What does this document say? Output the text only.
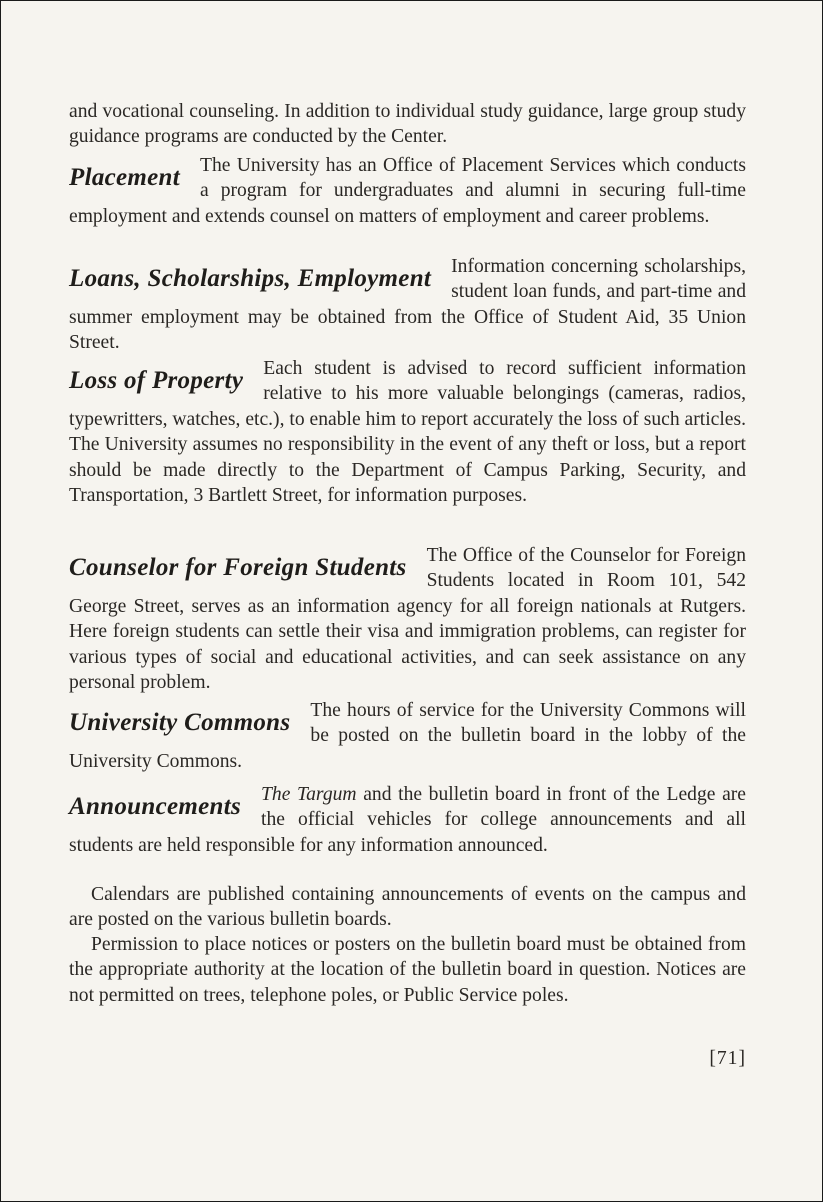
and vocational counseling. In addition to individual study guidance, large group study guidance programs are conducted by the Center.

Placement The University has an Office of Placement Services which conducts a program for undergraduates and alumni in securing full-time employment and extends counsel on matters of employment and career problems.
Loans, Scholarships, Employment Information concerning scholarships, student loan funds, and part-time and summer employment may be obtained from the Office of Student Aid, 35 Union Street.
Loss of Property Each student is advised to record sufficient information relative to his more valuable belongings (cameras, radios, typewritters, watches, etc.), to enable him to report accurately the loss of such articles. The University assumes no responsibility in the event of any theft or loss, but a report should be made directly to the Department of Campus Parking, Security, and Transportation, 3 Bartlett Street, for information purposes.
Counselor for Foreign Students The Office of the Counselor for Foreign Students located in Room 101, 542 George Street, serves as an information agency for all foreign nationals at Rutgers. Here foreign students can settle their visa and immigration problems, can register for various types of social and educational activities, and can seek assistance on any personal problem.
University Commons The hours of service for the University Commons will be posted on the bulletin board in the lobby of the University Commons.
Announcements The Targum and the bulletin board in front of the Ledge are the official vehicles for college announcements and all students are held responsible for any information announced.

Calendars are published containing announcements of events on the campus and are posted on the various bulletin boards.

Permission to place notices or posters on the bulletin board must be obtained from the appropriate authority at the location of the bulletin board in question. Notices are not permitted on trees, telephone poles, or Public Service poles.

[71]
